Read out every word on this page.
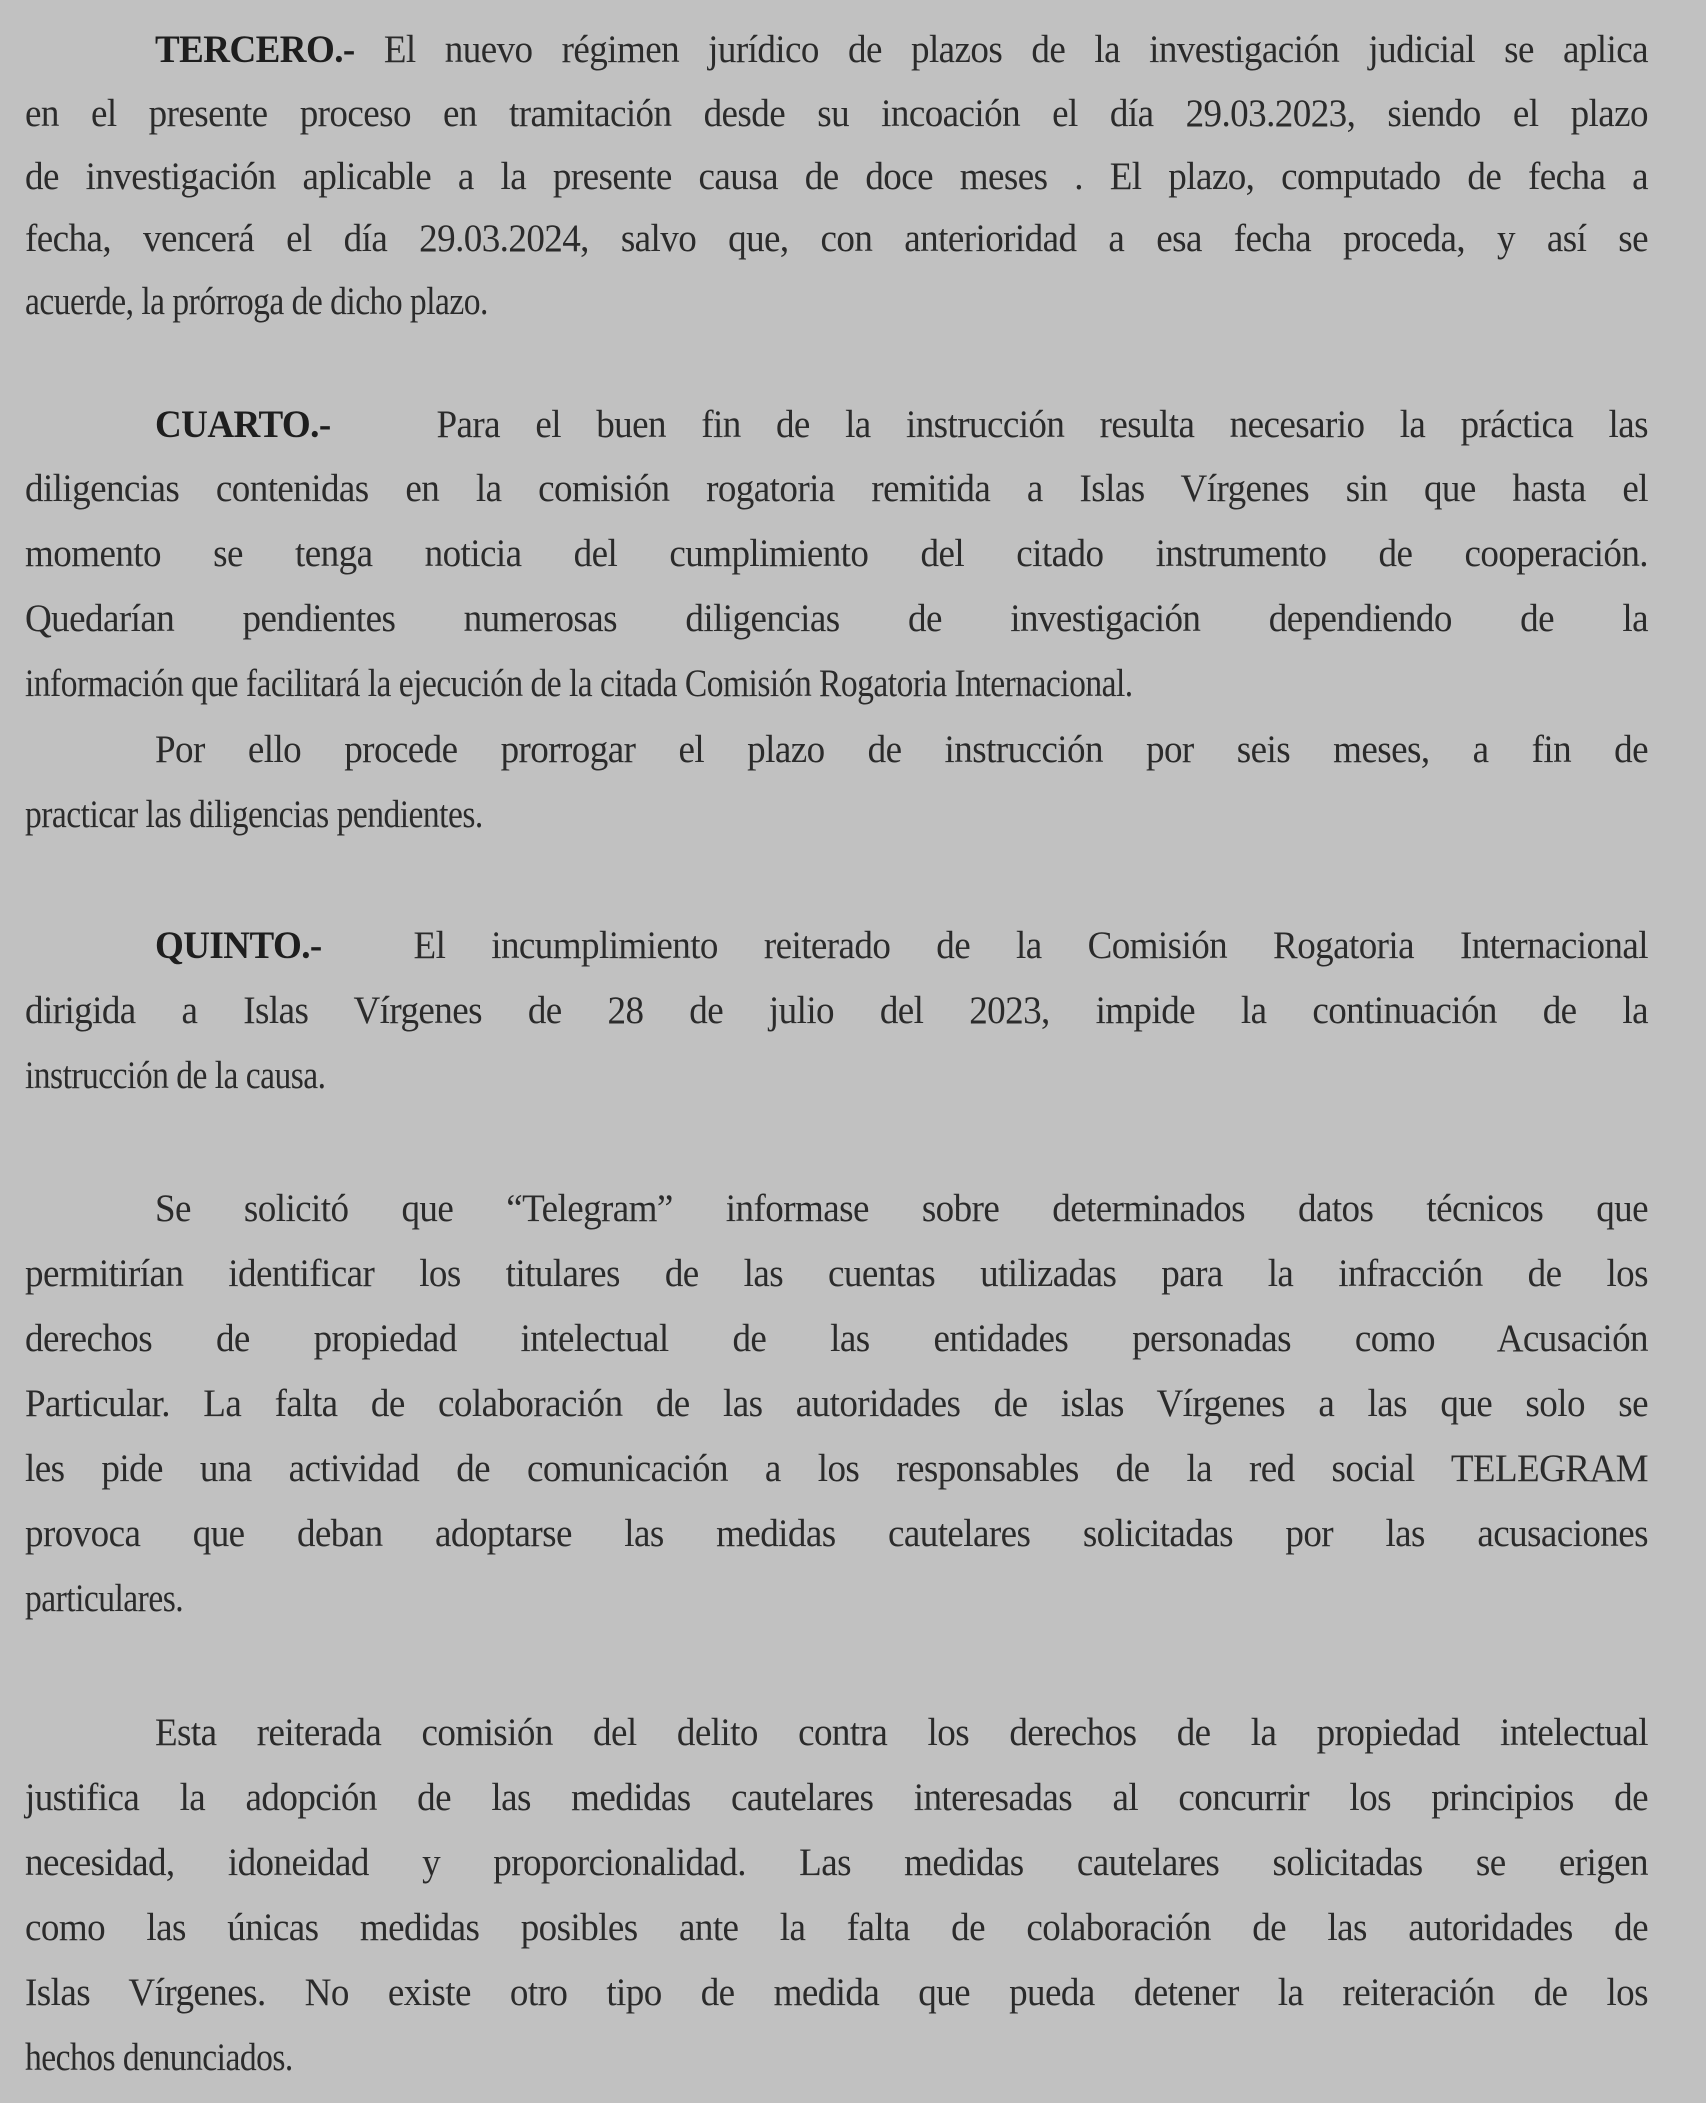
TERCERO.- El nuevo régimen jurídico de plazos de la investigación judicial se aplica
en el presente proceso en tramitación desde su incoación el día 29.03.2023, siendo el plazo
de investigación aplicable a la presente causa de doce meses . El plazo, computado de fecha a
fecha, vencerá el día 29.03.2024, salvo que, con anterioridad a esa fecha proceda, y así se
acuerde, la prórroga de dicho plazo.
CUARTO.-   Para el buen fin de la instrucción resulta necesario la práctica las
diligencias contenidas en la comisión rogatoria remitida a Islas Vírgenes sin que hasta el
momento se tenga noticia del cumplimiento del citado instrumento de cooperación.
Quedarían pendientes numerosas diligencias de investigación dependiendo de la
información que facilitará la ejecución de la citada Comisión Rogatoria Internacional.
Por ello procede prorrogar el plazo de instrucción por seis meses, a fin de
practicar las diligencias pendientes.
QUINTO.-  El incumplimiento reiterado de la Comisión Rogatoria Internacional
dirigida a Islas Vírgenes de 28 de julio del 2023, impide la continuación de la
instrucción de la causa.
Se solicitó que “Telegram” informase sobre determinados datos técnicos que
permitirían identificar los titulares de las cuentas utilizadas para la infracción de los
derechos de propiedad intelectual de las entidades personadas como Acusación
Particular. La falta de colaboración de las autoridades de islas Vírgenes a las que solo se
les pide una actividad de comunicación a los responsables de la red social TELEGRAM
provoca que deban adoptarse las medidas cautelares solicitadas por las acusaciones
particulares.
Esta reiterada comisión del delito contra los derechos de la propiedad intelectual
justifica la adopción de las medidas cautelares interesadas al concurrir los principios de
necesidad, idoneidad y proporcionalidad. Las medidas cautelares solicitadas se erigen
como las únicas medidas posibles ante la falta de colaboración de las autoridades de
Islas Vírgenes. No existe otro tipo de medida que pueda detener la reiteración de los
hechos denunciados.
